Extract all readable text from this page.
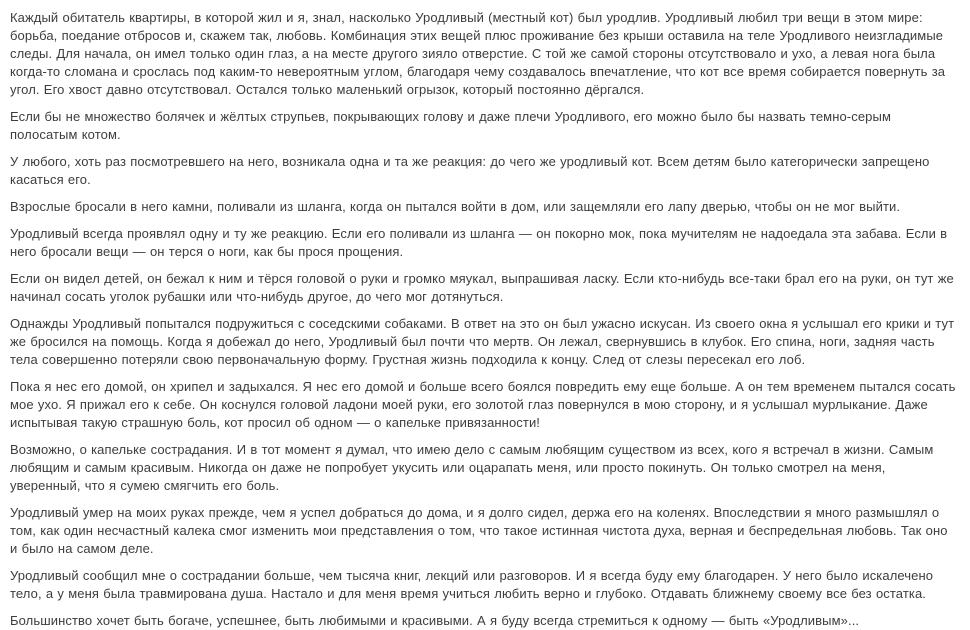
Каждый обитатель квартиры, в которой жил и я, знал, насколько Уродливый (местный кот) был уродлив. Уродливый любил три вещи в этом мире: борьба, поедание отбросов и, скажем так, любовь. Комбинация этих вещей плюс проживание без крыши оставила на теле Уродливого неизгладимые следы. Для начала, он имел только один глаз, а на месте другого зияло отверстие. С той же самой стороны отсутствовало и ухо, а левая нога была когда-то сломана и срослась под каким-то невероятным углом, благодаря чему создавалось впечатление, что кот все время собирается повернуть за угол. Его хвост давно отсутствовал. Остался только маленький огрызок, который постоянно дёргался.

Если бы не множество болячек и жёлтых струпьев, покрывающих голову и даже плечи Уродливого, его можно было бы назвать темно-серым полосатым котом.

У любого, хоть раз посмотревшего на него, возникала одна и та же реакция: до чего же уродливый кот. Всем детям было категорически запрещено касаться его.

Взрослые бросали в него камни, поливали из шланга, когда он пытался войти в дом, или защемляли его лапу дверью, чтобы он не мог выйти.

Уродливый всегда проявлял одну и ту же реакцию. Если его поливали из шланга — он покорно мок, пока мучителям не надоедала эта забава. Если в него бросали вещи — он терся о ноги, как бы прося прощения.

Если он видел детей, он бежал к ним и тёрся головой о руки и громко мяукал, выпрашивая ласку. Если кто-нибудь все-таки брал его на руки, он тут же начинал сосать уголок рубашки или что-нибудь другое, до чего мог дотянуться.

Однажды Уродливый попытался подружиться с соседскими собаками. В ответ на это он был ужасно искусан. Из своего окна я услышал его крики и тут же бросился на помощь. Когда я добежал до него, Уродливый был почти что мертв. Он лежал, свернувшись в клубок. Его спина, ноги, задняя часть тела совершенно потеряли свою первоначальную форму. Грустная жизнь подходила к концу. След от слезы пересекал его лоб.

Пока я нес его домой, он хрипел и задыхался. Я нес его домой и больше всего боялся повредить ему еще больше. А он тем временем пытался сосать мое ухо. Я прижал его к себе. Он коснулся головой ладони моей руки, его золотой глаз повернулся в мою сторону, и я услышал мурлыкание. Даже испытывая такую страшную боль, кот просил об одном — о капельке привязанности!

Возможно, о капельке сострадания. И в тот момент я думал, что имею дело с самым любящим существом из всех, кого я встречал в жизни. Самым любящим и самым красивым. Никогда он даже не попробует укусить или оцарапать меня, или просто покинуть. Он только смотрел на меня, уверенный, что я сумею смягчить его боль.

Уродливый умер на моих руках прежде, чем я успел добраться до дома, и я долго сидел, держа его на коленях. Впоследствии я много размышлял о том, как один несчастный калека смог изменить мои представления о том, что такое истинная чистота духа, верная и беспредельная любовь. Так оно и было на самом деле.

Уродливый сообщил мне о сострадании больше, чем тысяча книг, лекций или разговоров. И я всегда буду ему благодарен. У него было искалечено тело, а у меня была травмирована душа. Настало и для меня время учиться любить верно и глубоко. Отдавать ближнему своему все без остатка.

Большинство хочет быть богаче, успешнее, быть любимыми и красивыми. А я буду всегда стремиться к одному — быть «Уродливым»...
